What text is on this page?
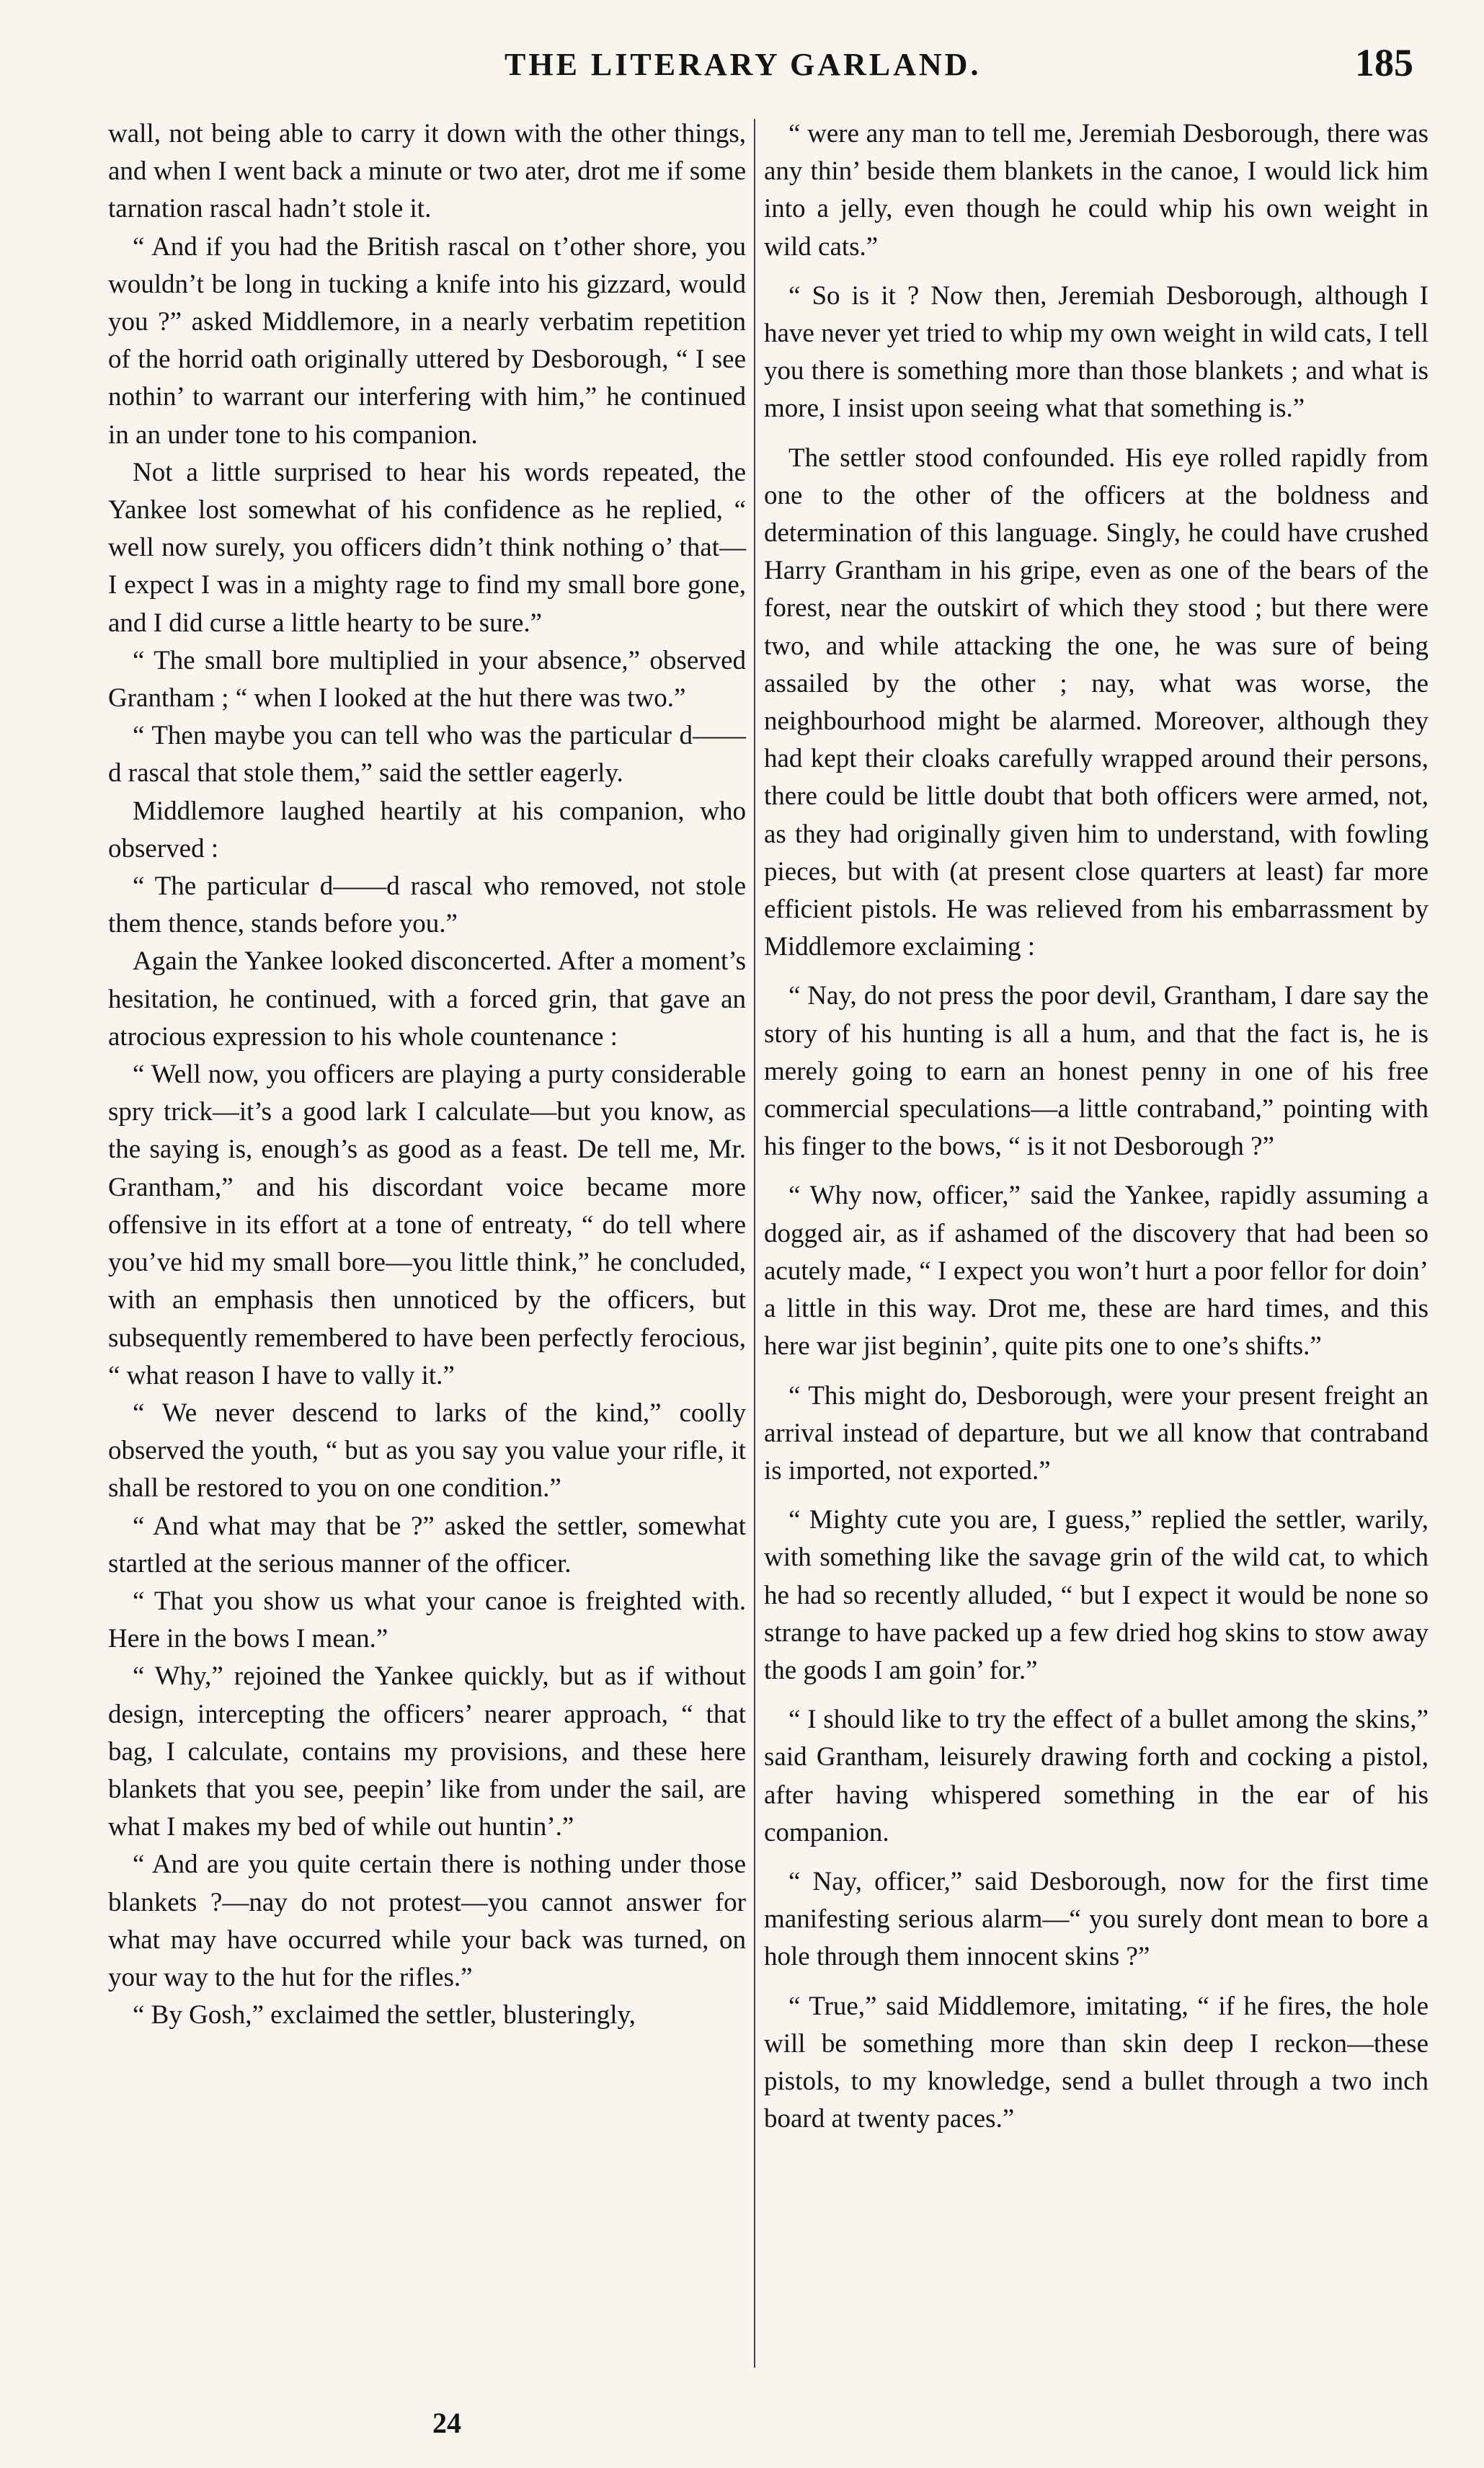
THE LITERARY GARLAND.	185

wall, not being able to carry it down with the other things, and when I went back a minute or two ater, drot me if some tarnation rascal hadn’t stole it.

“ And if you had the British rascal on t’other shore, you wouldn’t be long in tucking a knife into his gizzard, would you ?” asked Middlemore, in a nearly verbatim repetition of the horrid oath originally uttered by Desborough, “ I see nothin’ to warrant our interfering with him,” he continued in an under tone to his companion.

Not a little surprised to hear his words repeated, the Yankee lost somewhat of his confidence as he replied, “ well now surely, you officers didn’t think nothing o’ that—I expect I was in a mighty rage to find my small bore gone, and I did curse a little hearty to be sure.”

“ The small bore multiplied in your absence,” observed Grantham ; “ when I looked at the hut there was two.”

“ Then maybe you can tell who was the particular d——d rascal that stole them,” said the settler eagerly.

Middlemore laughed heartily at his companion, who observed :

“ The particular d——d rascal who removed, not stole them thence, stands before you.”

Again the Yankee looked disconcerted. After a moment’s hesitation, he continued, with a forced grin, that gave an atrocious expression to his whole countenance :

“ Well now, you officers are playing a purty considerable spry trick—it’s a good lark I calculate—but you know, as the saying is, enough’s as good as a feast. De tell me, Mr. Grantham,” and his discordant voice became more offensive in its effort at a tone of entreaty, “ do tell where you’ve hid my small bore—you little think,” he concluded, with an emphasis then unnoticed by the officers, but subsequently remembered to have been perfectly ferocious, “ what reason I have to vally it.”

“ We never descend to larks of the kind,” coolly observed the youth, “ but as you say you value your rifle, it shall be restored to you on one condition.”

“ And what may that be ?” asked the settler, somewhat startled at the serious manner of the officer.

“ That you show us what your canoe is freighted with. Here in the bows I mean.”

“ Why,” rejoined the Yankee quickly, but as if without design, intercepting the officers’ nearer approach, “ that bag, I calculate, contains my provisions, and these here blankets that you see, peepin’ like from under the sail, are what I makes my bed of while out huntin’.”

“ And are you quite certain there is nothing under those blankets ?—nay do not protest—you cannot answer for what may have occurred while your back was turned, on your way to the hut for the rifles.”

“ By Gosh,” exclaimed the settler, blusteringly,

“ were any man to tell me, Jeremiah Desborough, there was any thin’ beside them blankets in the canoe, I would lick him into a jelly, even though he could whip his own weight in wild cats.”

“ So is it ? Now then, Jeremiah Desborough, although I have never yet tried to whip my own weight in wild cats, I tell you there is something more than those blankets ; and what is more, I insist upon seeing what that something is.”

The settler stood confounded. His eye rolled rapidly from one to the other of the officers at the boldness and determination of this language. Singly, he could have crushed Harry Grantham in his gripe, even as one of the bears of the forest, near the outskirt of which they stood ; but there were two, and while attacking the one, he was sure of being assailed by the other ; nay, what was worse, the neighbourhood might be alarmed. Moreover, although they had kept their cloaks carefully wrapped around their persons, there could be little doubt that both officers were armed, not, as they had originally given him to understand, with fowling pieces, but with (at present close quarters at least) far more efficient pistols. He was relieved from his embarrassment by Middlemore exclaiming :

“ Nay, do not press the poor devil, Grantham, I dare say the story of his hunting is all a hum, and that the fact is, he is merely going to earn an honest penny in one of his free commercial speculations—a little contraband,” pointing with his finger to the bows, “ is it not Desborough ?”

“ Why now, officer,” said the Yankee, rapidly assuming a dogged air, as if ashamed of the discovery that had been so acutely made, “ I expect you won’t hurt a poor fellor for doin’ a little in this way. Drot me, these are hard times, and this here war jist beginin’, quite pits one to one’s shifts.”

“ This might do, Desborough, were your present freight an arrival instead of departure, but we all know that contraband is imported, not exported.”

“ Mighty cute you are, I guess,” replied the settler, warily, with something like the savage grin of the wild cat, to which he had so recently alluded, “ but I expect it would be none so strange to have packed up a few dried hog skins to stow away the goods I am goin’ for.”

“ I should like to try the effect of a bullet among the skins,” said Grantham, leisurely drawing forth and cocking a pistol, after having whispered something in the ear of his companion.

“ Nay, officer,” said Desborough, now for the first time manifesting serious alarm—“ you surely dont mean to bore a hole through them innocent skins ?”

“ True,” said Middlemore, imitating, “ if he fires, the hole will be something more than skin deep I reckon—these pistols, to my knowledge, send a bullet through a two inch board at twenty paces.”

24
